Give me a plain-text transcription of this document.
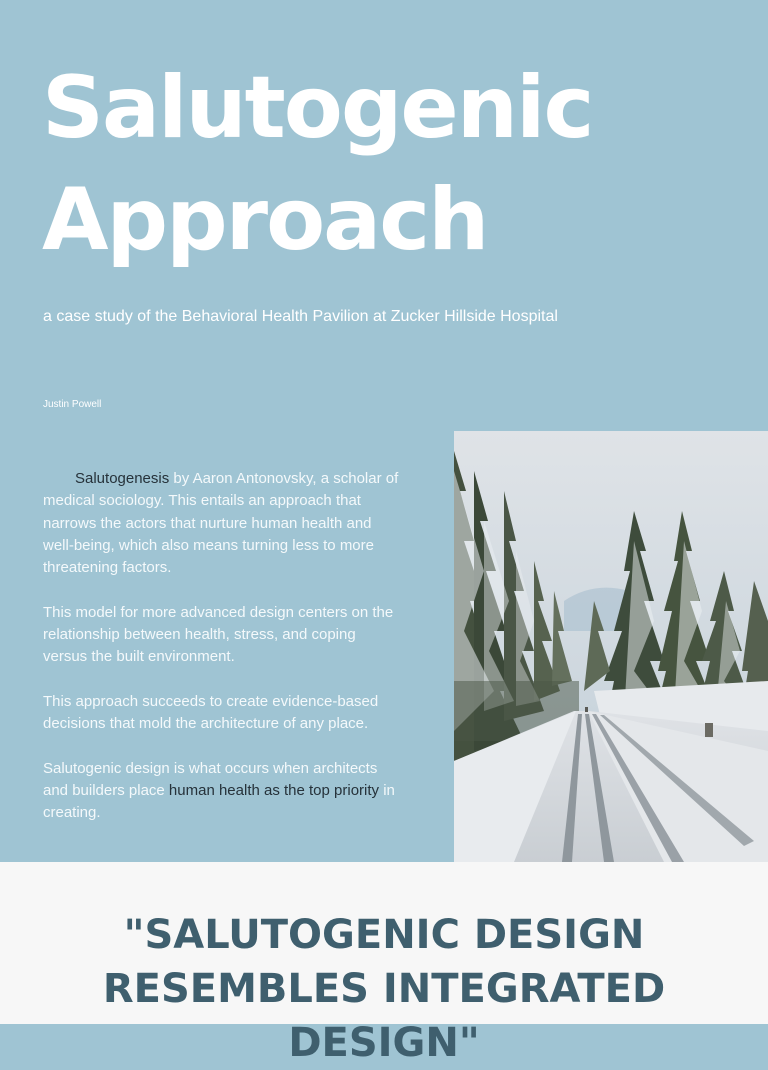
Salutogenic
Approach
a case study of the Behavioral Health Pavilion at Zucker Hillside Hospital
Justin Powell

Salutogenesis by Aaron Antonovsky, a scholar of medical sociology. This entails an approach that narrows the actors that nurture human health and well-being, which also means turning less to more threatening factors.

This model for more advanced design centers on the relationship between health, stress, and coping versus the built environment.

This approach succeeds to create evidence-based decisions that mold the architecture of any place.

Salutogenic design is what occurs when architects and builders place human health as the top priority in creating.

"SALUTOGENIC DESIGN
RESEMBLES INTEGRATED
DESIGN"
